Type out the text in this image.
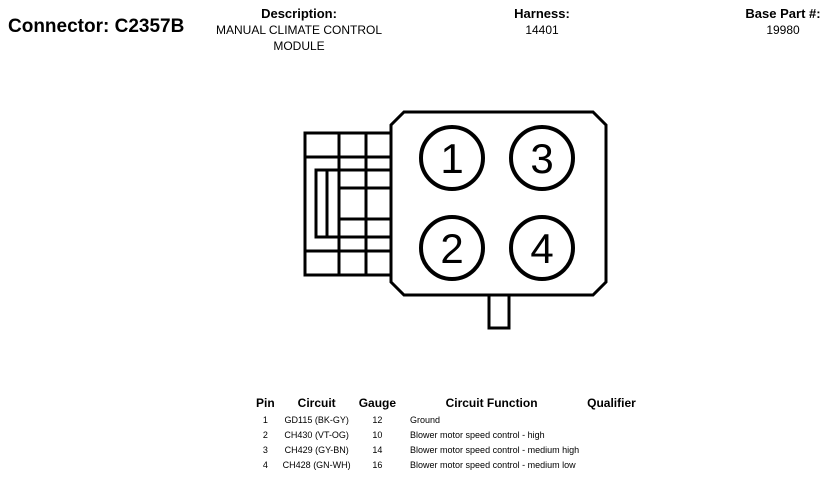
Connector: C2357B
Description:
MANUAL CLIMATE CONTROL
MODULE
Harness:
14401
Base Part #:
19980
1 3
2 4
Pin	Circuit	Gauge	Circuit Function	Qualifier
1	GD115 (BK-GY)	12	Ground	
2	CH430 (VT-OG)	10	Blower motor speed control - high	
3	CH429 (GY-BN)	14	Blower motor speed control - medium high	
4	CH428 (GN-WH)	16	Blower motor speed control - medium low	
